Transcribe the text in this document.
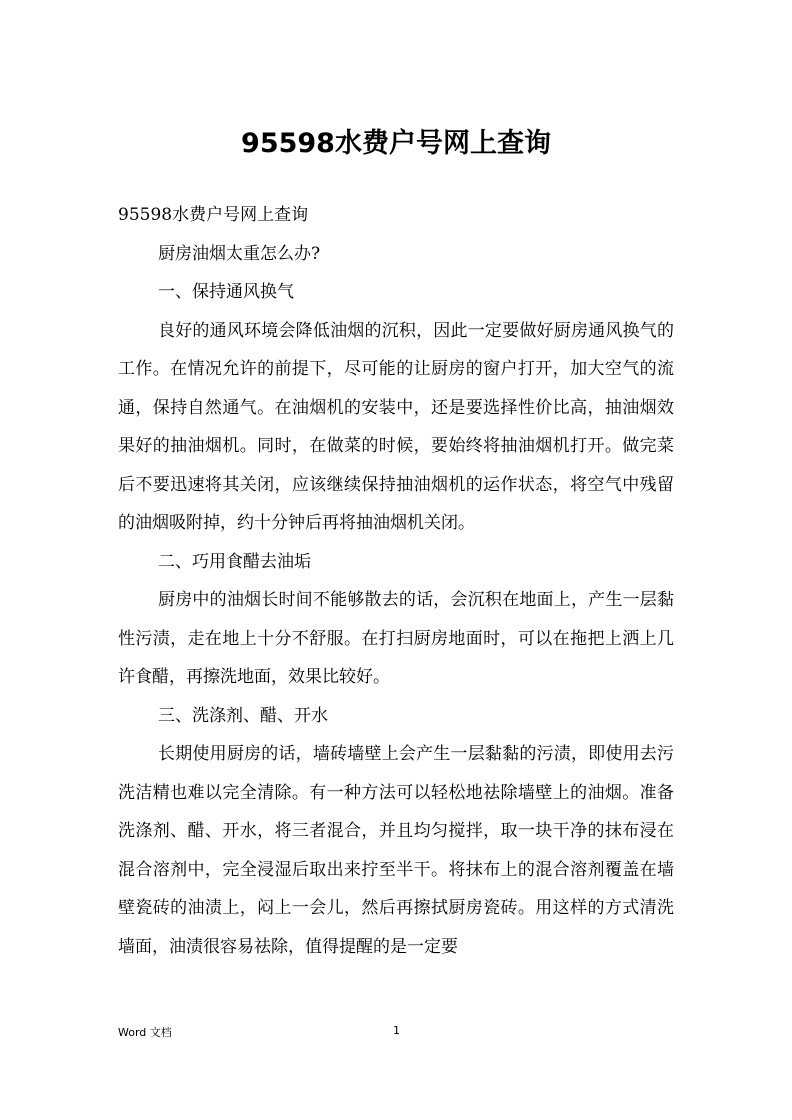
95598水费户号网上查询

95598水费户号网上查询

厨房油烟太重怎么办?

一、保持通风换气

良好的通风环境会降低油烟的沉积，因此一定要做好厨房通风换气的工作。在情况允许的前提下，尽可能的让厨房的窗户打开，加大空气的流通，保持自然通气。在油烟机的安装中，还是要选择性价比高，抽油烟效果好的抽油烟机。同时，在做菜的时候，要始终将抽油烟机打开。做完菜后不要迅速将其关闭，应该继续保持抽油烟机的运作状态，将空气中残留的油烟吸附掉，约十分钟后再将抽油烟机关闭。

二、巧用食醋去油垢

厨房中的油烟长时间不能够散去的话，会沉积在地面上，产生一层黏性污渍，走在地上十分不舒服。在打扫厨房地面时，可以在拖把上洒上几许食醋，再擦洗地面，效果比较好。

三、洗涤剂、醋、开水

长期使用厨房的话，墙砖墙壁上会产生一层黏黏的污渍，即使用去污洗洁精也难以完全清除。有一种方法可以轻松地祛除墙壁上的油烟。准备洗涤剂、醋、开水，将三者混合，并且均匀搅拌，取一块干净的抹布浸在混合溶剂中，完全浸湿后取出来拧至半干。将抹布上的混合溶剂覆盖在墙壁瓷砖的油渍上，闷上一会儿，然后再擦拭厨房瓷砖。用这样的方式清洗墙面，油渍很容易祛除，值得提醒的是一定要

Word 文档	1
